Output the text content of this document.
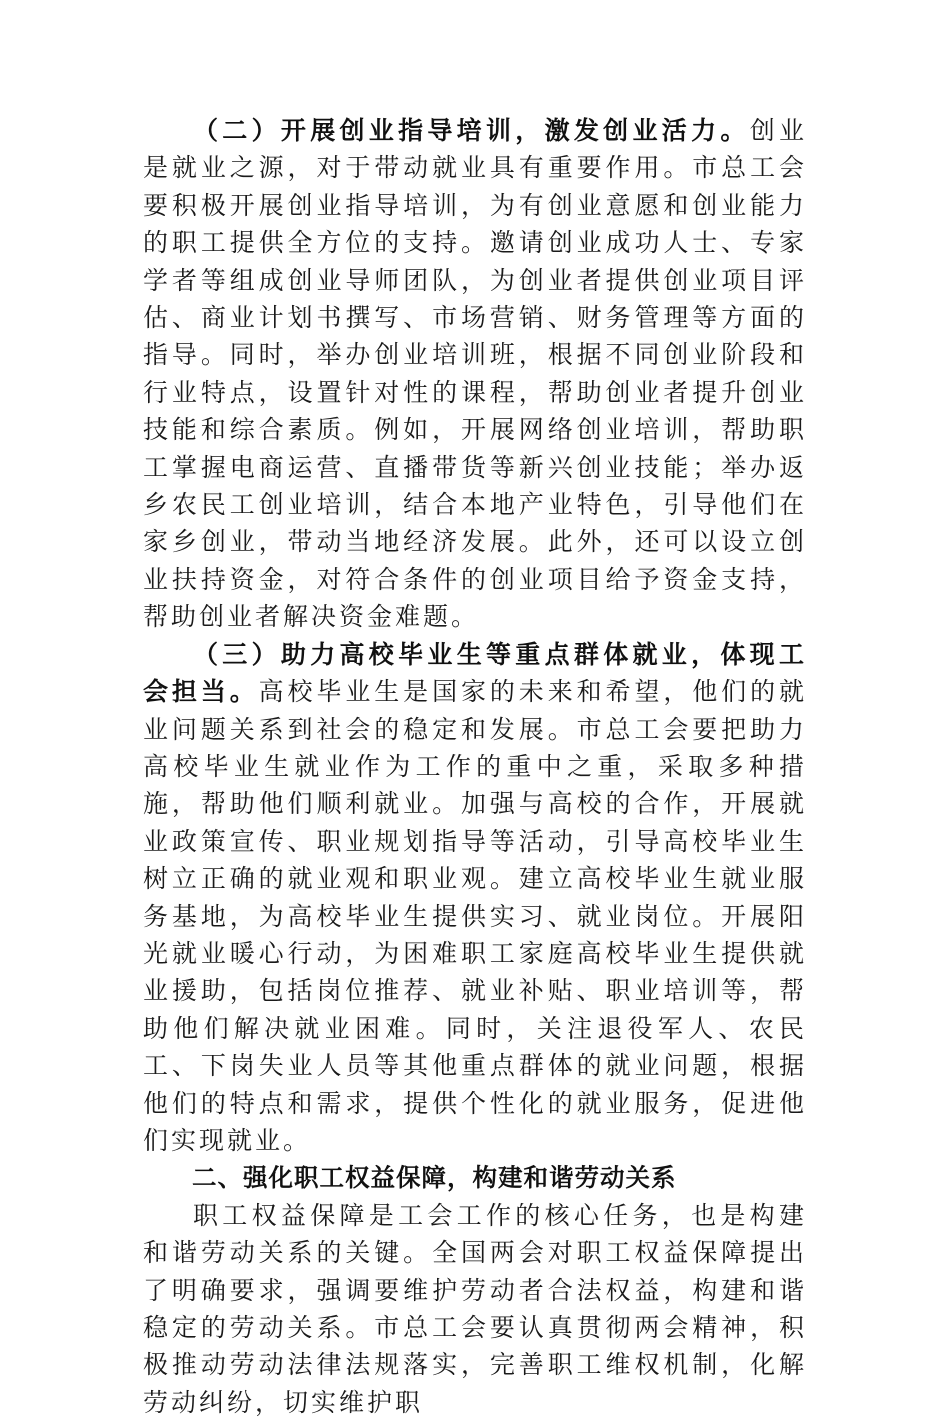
（二）开展创业指导培训，激发创业活力。创业是就业之源，对于带动就业具有重要作用。市总工会要积极开展创业指导培训，为有创业意愿和创业能力的职工提供全方位的支持。邀请创业成功人士、专家学者等组成创业导师团队，为创业者提供创业项目评估、商业计划书撰写、市场营销、财务管理等方面的指导。同时，举办创业培训班，根据不同创业阶段和行业特点，设置针对性的课程，帮助创业者提升创业技能和综合素质。例如，开展网络创业培训，帮助职工掌握电商运营、直播带货等新兴创业技能；举办返乡农民工创业培训，结合本地产业特色，引导他们在家乡创业，带动当地经济发展。此外，还可以设立创业扶持资金，对符合条件的创业项目给予资金支持，帮助创业者解决资金难题。

（三）助力高校毕业生等重点群体就业，体现工会担当。高校毕业生是国家的未来和希望，他们的就业问题关系到社会的稳定和发展。市总工会要把助力高校毕业生就业作为工作的重中之重，采取多种措施，帮助他们顺利就业。加强与高校的合作，开展就业政策宣传、职业规划指导等活动，引导高校毕业生树立正确的就业观和职业观。建立高校毕业生就业服务基地，为高校毕业生提供实习、就业岗位。开展阳光就业暖心行动，为困难职工家庭高校毕业生提供就业援助，包括岗位推荐、就业补贴、职业培训等，帮助他们解决就业困难。同时，关注退役军人、农民工、下岗失业人员等其他重点群体的就业问题，根据他们的特点和需求，提供个性化的就业服务，促进他们实现就业。

二、强化职工权益保障，构建和谐劳动关系

职工权益保障是工会工作的核心任务，也是构建和谐劳动关系的关键。全国两会对职工权益保障提出了明确要求，强调要维护劳动者合法权益，构建和谐稳定的劳动关系。市总工会要认真贯彻两会精神，积极推动劳动法律法规落实，完善职工维权机制，化解劳动纠纷，切实维护职
